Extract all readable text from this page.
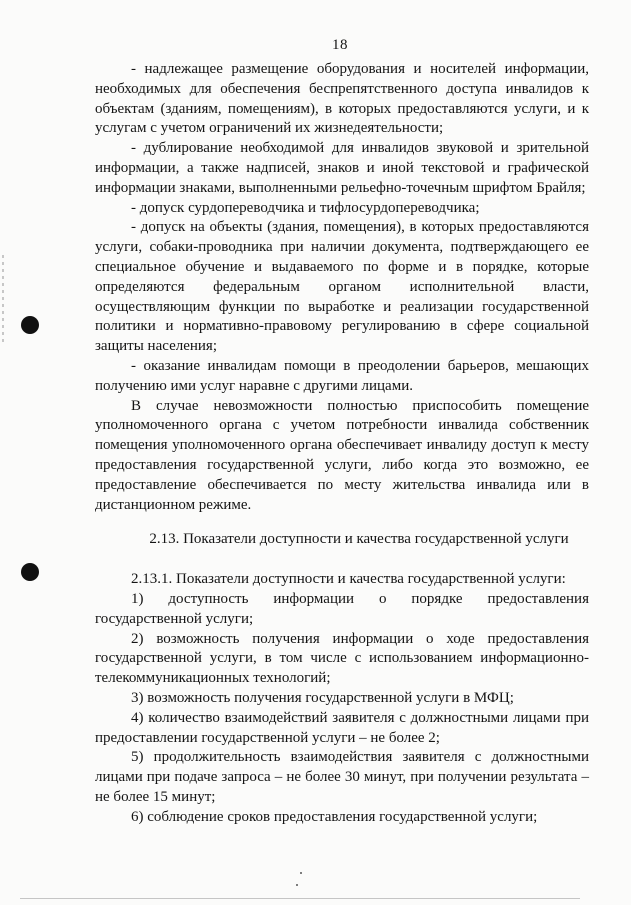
18

- надлежащее размещение оборудования и носителей информации, необходимых для обеспечения беспрепятственного доступа инвалидов к объектам (зданиям, помещениям), в которых предоставляются услуги, и к услугам с учетом ограничений их жизнедеятельности;

- дублирование необходимой для инвалидов звуковой и зрительной информации, а также надписей, знаков и иной текстовой и графической информации знаками, выполненными рельефно-точечным шрифтом Брайля;

- допуск сурдопереводчика и тифлосурдопереводчика;

- допуск на объекты (здания, помещения), в которых предоставляются услуги, собаки-проводника при наличии документа, подтверждающего ее специальное обучение и выдаваемого по форме и в порядке, которые определяются федеральным органом исполнительной власти, осуществляющим функции по выработке и реализации государственной политики и нормативно-правовому регулированию в сфере социальной защиты населения;

- оказание инвалидам помощи в преодолении барьеров, мешающих получению ими услуг наравне с другими лицами.

В случае невозможности полностью приспособить помещение уполномоченного органа с учетом потребности инвалида собственник помещения уполномоченного органа обеспечивает инвалиду доступ к месту предоставления государственной услуги, либо когда это возможно, ее предоставление обеспечивается по месту жительства инвалида или в дистанционном режиме.

2.13. Показатели доступности и качества государственной услуги

2.13.1. Показатели доступности и качества государственной услуги:

1) доступность информации о порядке предоставления государственной услуги;

2) возможность получения информации о ходе предоставления государственной услуги, в том числе с использованием информационно-телекоммуникационных технологий;

3) возможность получения государственной услуги в МФЦ;

4) количество взаимодействий заявителя с должностными лицами при предоставлении государственной услуги – не более 2;

5) продолжительность взаимодействия заявителя с должностными лицами при подаче запроса – не более 30 минут, при получении результата – не более 15 минут;

6) соблюдение сроков предоставления государственной услуги;
